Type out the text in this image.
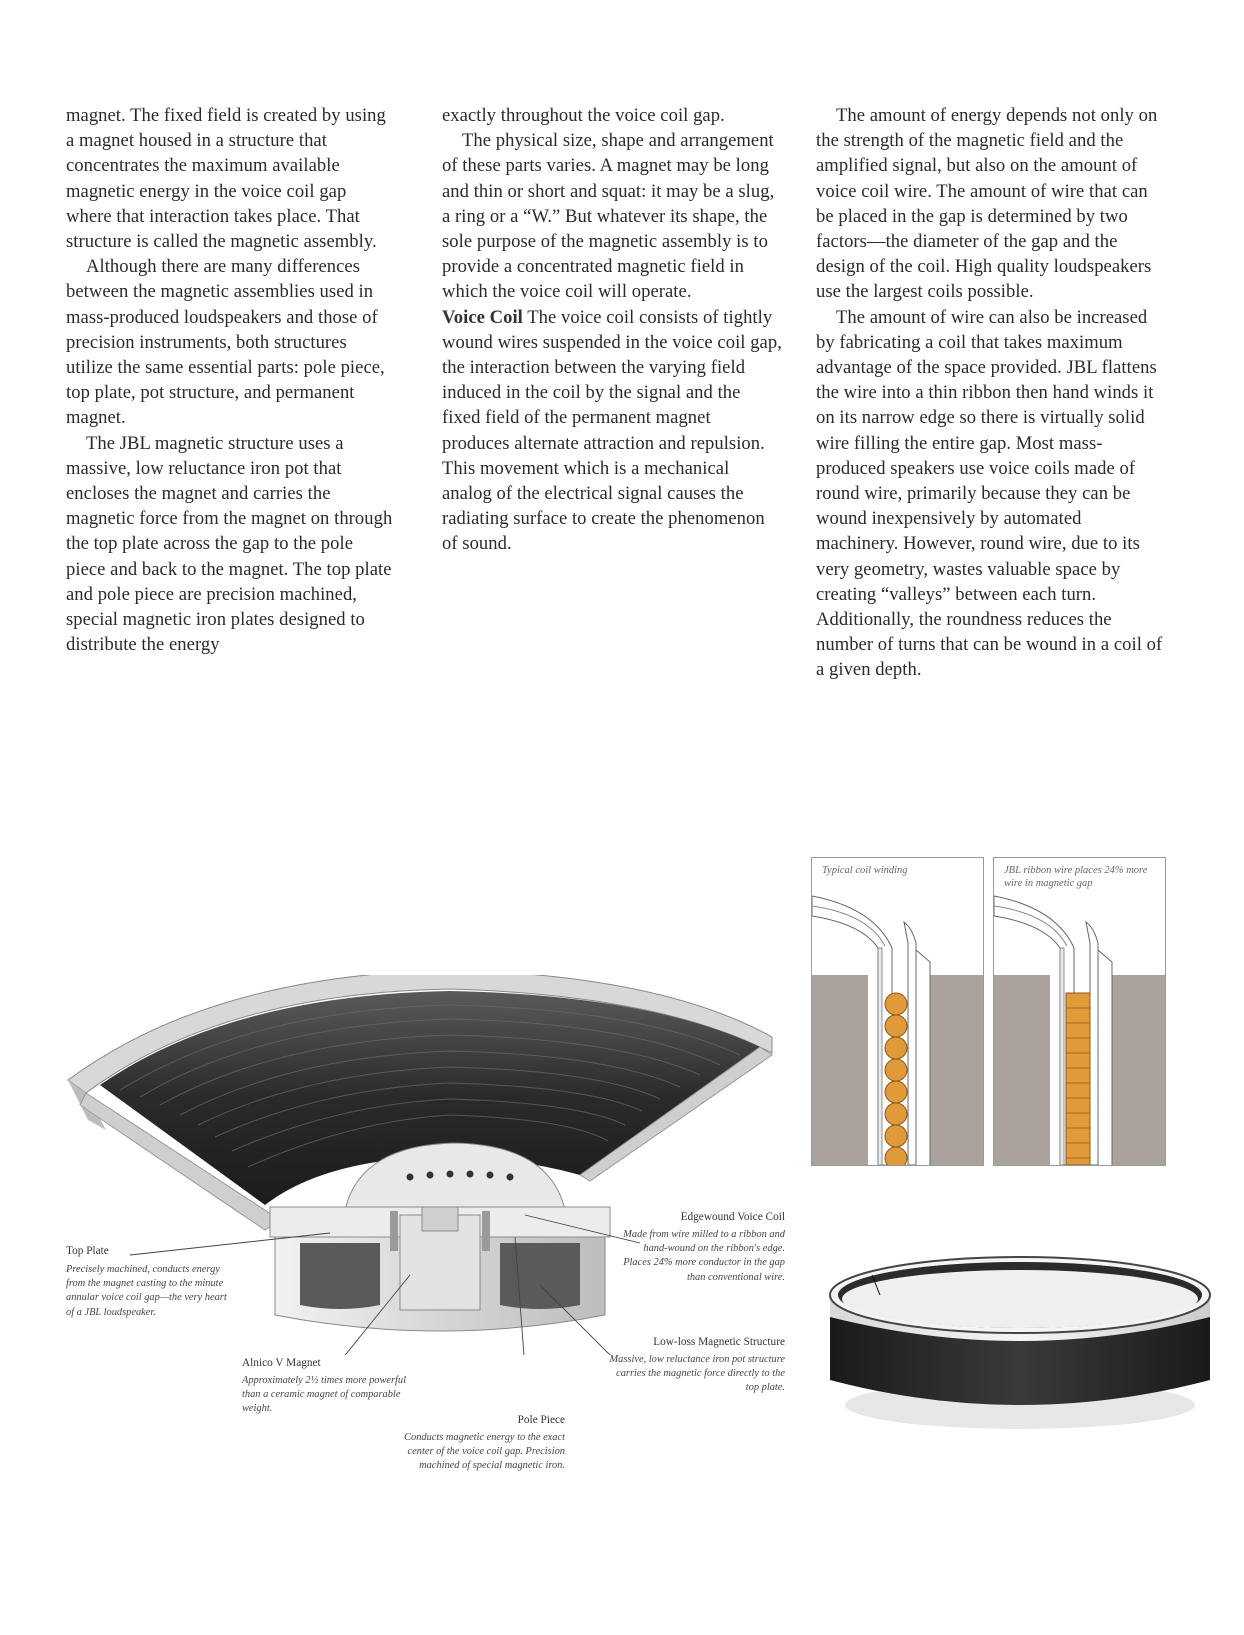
magnet. The fixed field is created by using a magnet housed in a structure that concentrates the maximum available magnetic energy in the voice coil gap where that interaction takes place. That structure is called the magnetic assembly.

Although there are many differences between the magnetic assemblies used in mass-produced loudspeakers and those of precision instruments, both structures utilize the same essential parts: pole piece, top plate, pot structure, and permanent magnet.

The JBL magnetic structure uses a massive, low reluctance iron pot that encloses the magnet and carries the magnetic force from the magnet on through the top plate across the gap to the pole piece and back to the magnet. The top plate and pole piece are precision machined, special magnetic iron plates designed to distribute the energy

exactly throughout the voice coil gap.

The physical size, shape and arrangement of these parts varies. A magnet may be long and thin or short and squat: it may be a slug, a ring or a “W.” But whatever its shape, the sole purpose of the magnetic assembly is to provide a concentrated magnetic field in which the voice coil will operate.

Voice Coil The voice coil consists of tightly wound wires suspended in the voice coil gap, the interaction between the varying field induced in the coil by the signal and the fixed field of the permanent magnet produces alternate attraction and repulsion. This movement which is a mechanical analog of the electrical signal causes the radiating surface to create the phenomenon of sound.

The amount of energy depends not only on the strength of the magnetic field and the amplified signal, but also on the amount of voice coil wire. The amount of wire that can be placed in the gap is determined by two factors—the diameter of the gap and the design of the coil. High quality loudspeakers use the largest coils possible.

The amount of wire can also be increased by fabricating a coil that takes maximum advantage of the space provided. JBL flattens the wire into a thin ribbon then hand winds it on its narrow edge so there is virtually solid wire filling the entire gap. Most mass-produced speakers use voice coils made of round wire, primarily because they can be wound inexpensively by automated machinery. However, round wire, due to its very geometry, wastes valuable space by creating “valleys” between each turn. Additionally, the roundness reduces the number of turns that can be wound in a coil of a given depth.

Typical coil winding	JBL ribbon wire places 24% more wire in magnetic gap
Top Plate
Precisely machined, conducts energy from the magnet casting to the minute annular voice coil gap—the very heart of a JBL loudspeaker.
Alnico V Magnet
Approximately 2½ times more powerful than a ceramic magnet of comparable weight.
Pole Piece
Conducts magnetic energy to the exact center of the voice coil gap. Precision machined of special magnetic iron.
Edgewound Voice Coil
Made from wire milled to a ribbon and hand-wound on the ribbon's edge. Places 24% more conductor in the gap than conventional wire.
Low-loss Magnetic Structure
Massive, low reluctance iron pot structure carries the magnetic force directly to the top plate.
